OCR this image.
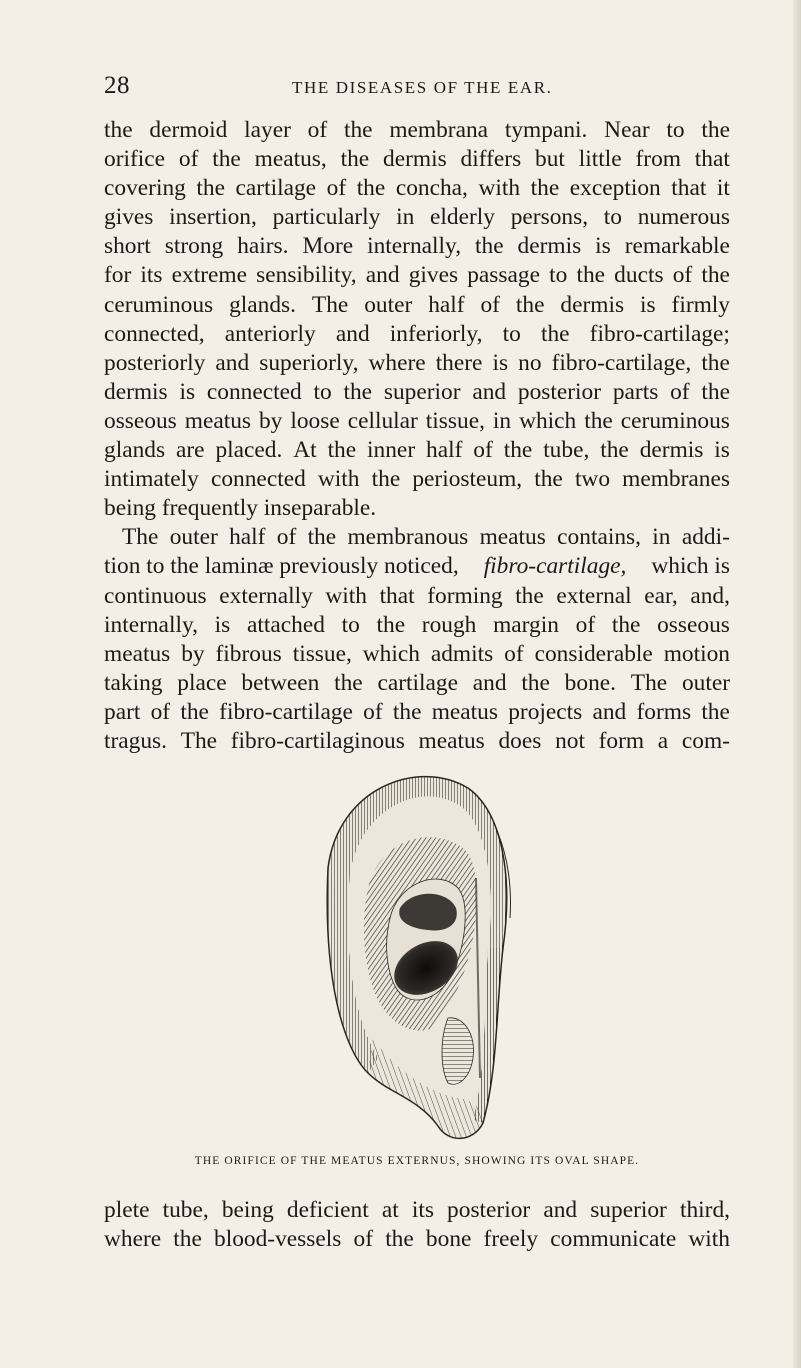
28	THE DISEASES OF THE EAR.
the dermoid layer of the membrana tympani. Near to the
orifice of the meatus, the dermis differs but little from that
covering the cartilage of the concha, with the exception that it
gives insertion, particularly in elderly persons, to numerous
short strong hairs. More internally, the dermis is remarkable
for its extreme sensibility, and gives passage to the ducts of the
ceruminous glands. The outer half of the dermis is firmly
connected, anteriorly and inferiorly, to the fibro-cartilage;
posteriorly and superiorly, where there is no fibro-cartilage, the
dermis is connected to the superior and posterior parts of the
osseous meatus by loose cellular tissue, in which the ceruminous
glands are placed. At the inner half of the tube, the dermis is
intimately connected with the periosteum, the two membranes
being frequently inseparable.
The outer half of the membranous meatus contains, in addi-
tion to the laminæ previously noticed, fibro-cartilage, which is
continuous externally with that forming the external ear, and,
internally, is attached to the rough margin of the osseous
meatus by fibrous tissue, which admits of considerable motion
taking place between the cartilage and the bone. The outer
part of the fibro-cartilage of the meatus projects and forms the
tragus. The fibro-cartilaginous meatus does not form a com-
THE ORIFICE OF THE MEATUS EXTERNUS, SHOWING ITS OVAL SHAPE.
plete tube, being deficient at its posterior and superior third,
where the blood-vessels of the bone freely communicate with
